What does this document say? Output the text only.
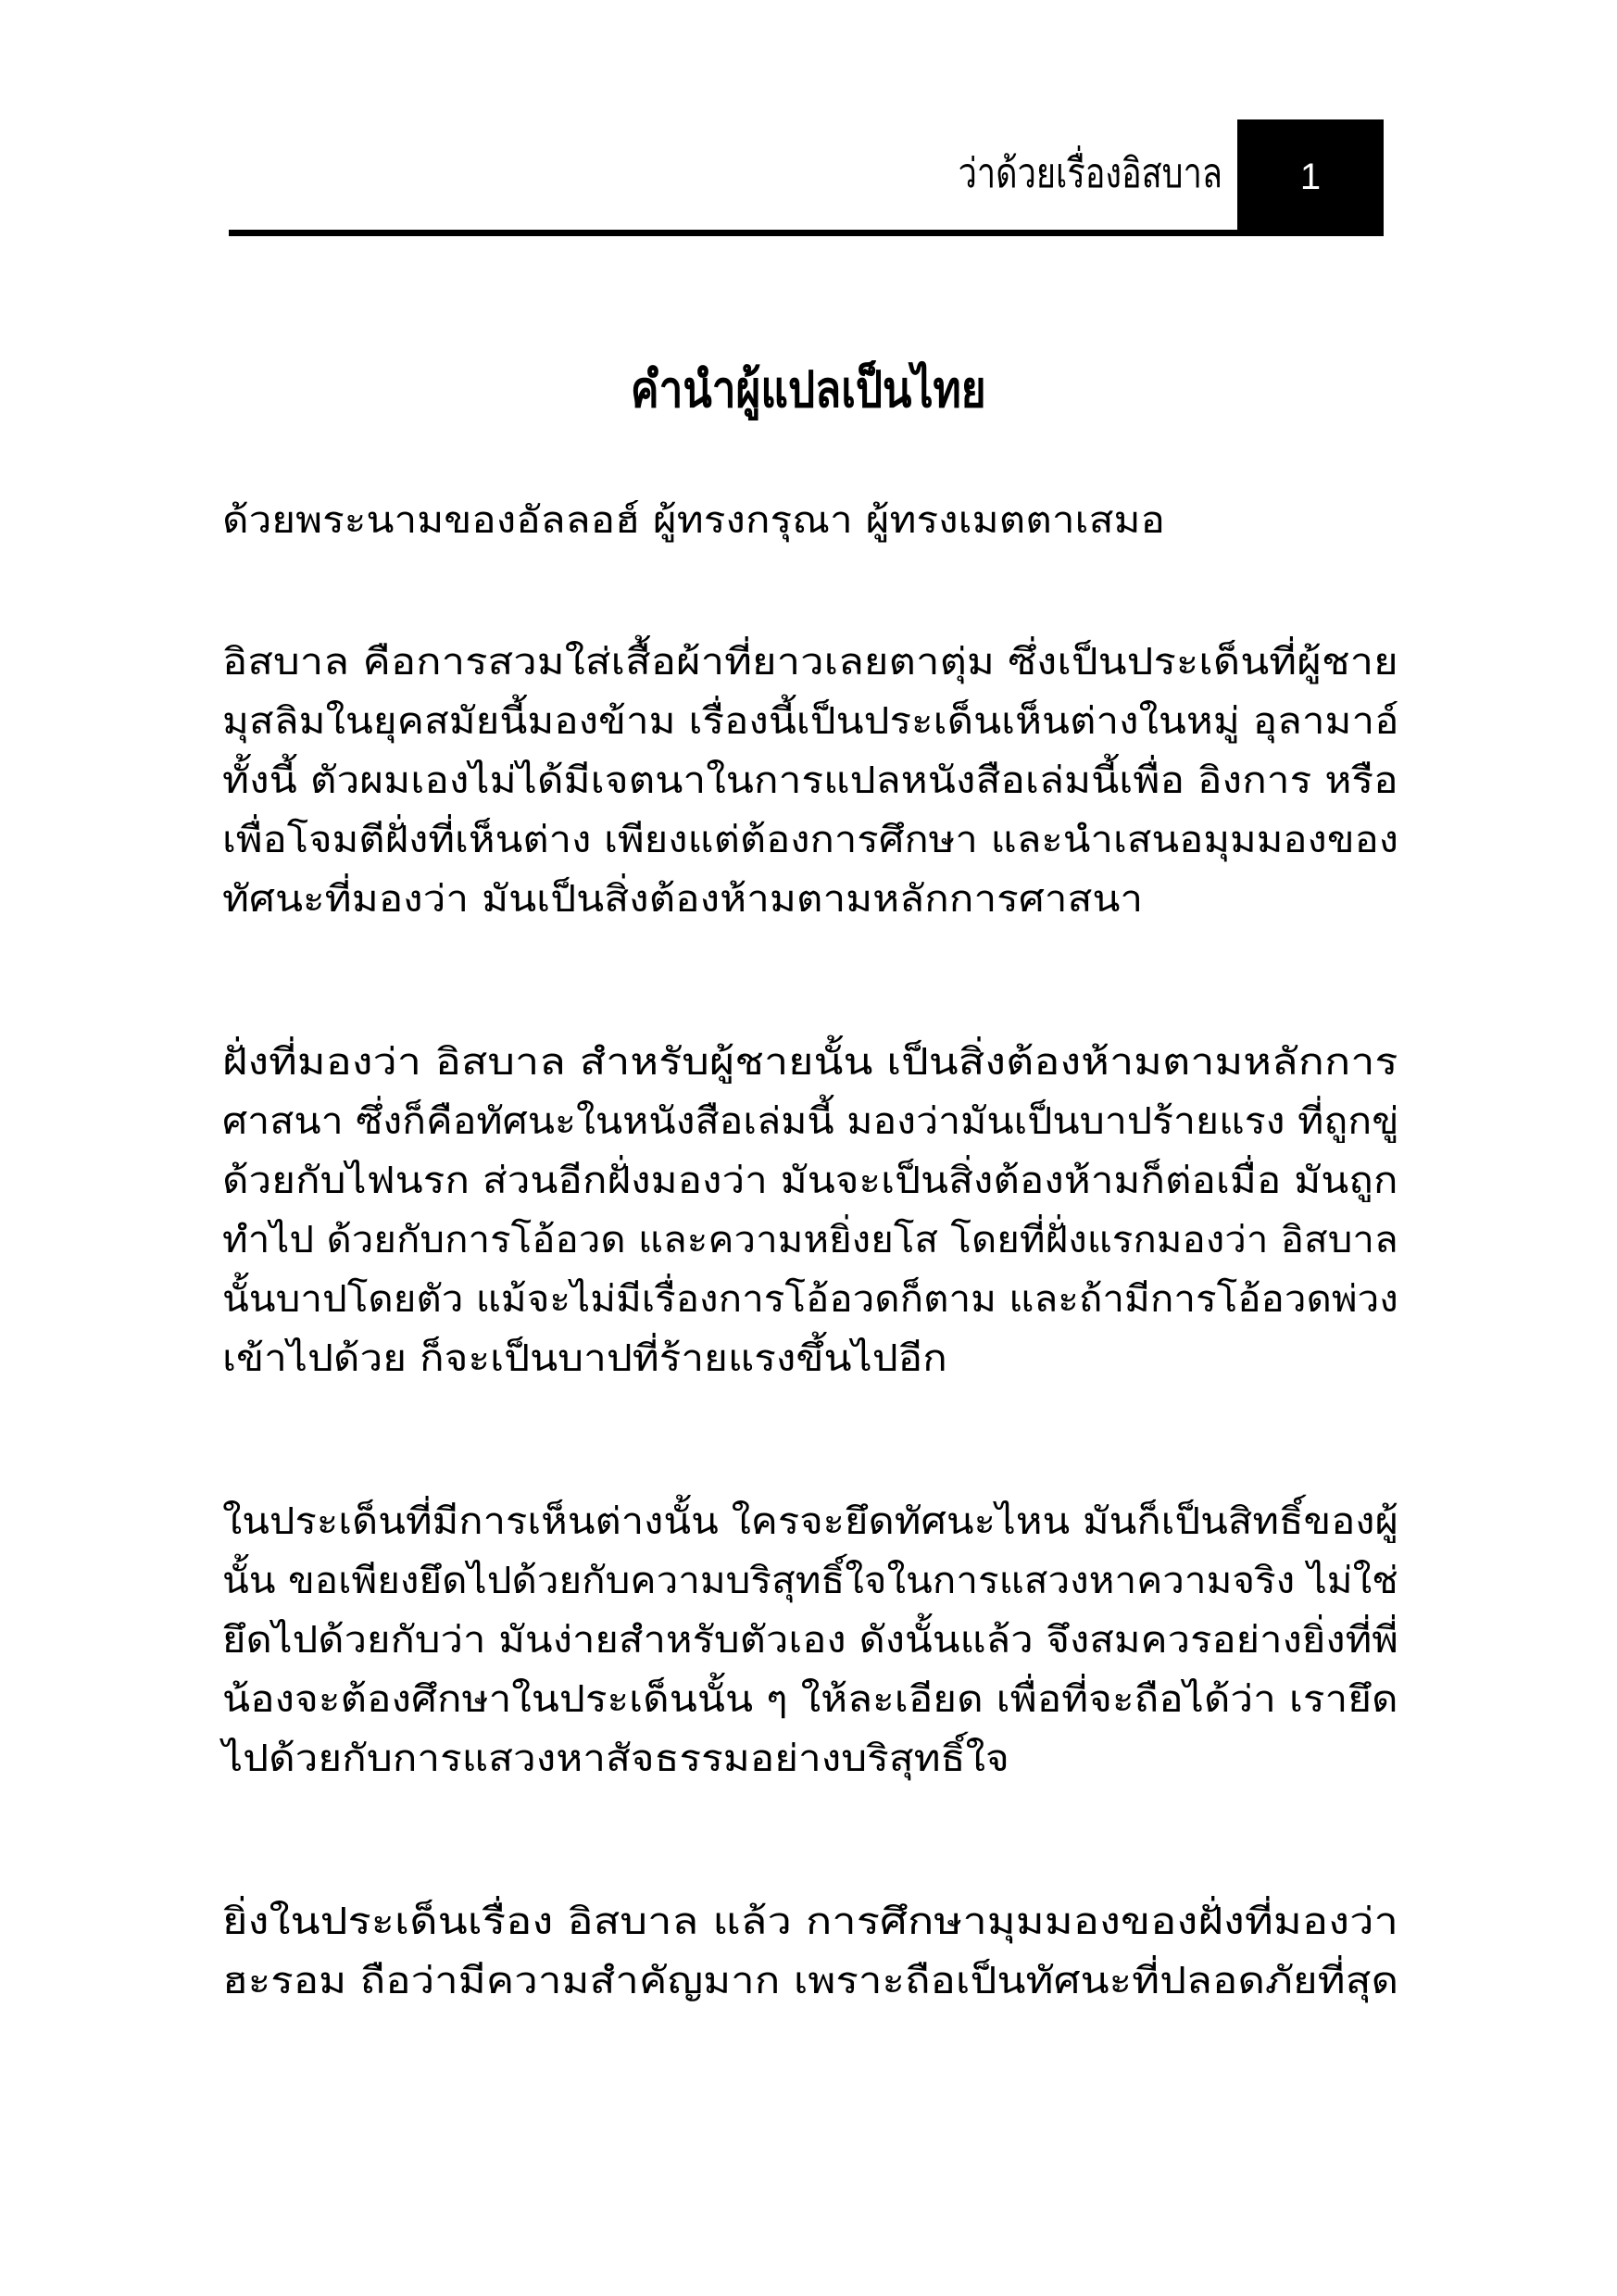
ว่าด้วยเรื่องอิสบาล 1
คำนำผู้แปลเป็นไทย
ด้วยพระนามของอัลลอฮ์ ผู้ทรงกรุณา ผู้ทรงเมตตาเสมอ
อิสบาล คือการสวมใส่เสื้อผ้าที่ยาวเลยตาตุ่ม ซึ่งเป็นประเด็นที่ผู้ชาย
มุสลิมในยุคสมัยนี้มองข้าม เรื่องนี้เป็นประเด็นเห็นต่างในหมู่ อุลามาอ์
ทั้งนี้ ตัวผมเองไม่ได้มีเจตนาในการแปลหนังสือเล่มนี้เพื่อ อิงการ หรือ
เพื่อโจมตีฝั่งที่เห็นต่าง เพียงแต่ต้องการศึกษา และนำเสนอมุมมองของ
ทัศนะที่มองว่า มันเป็นสิ่งต้องห้ามตามหลักการศาสนา
ฝั่งที่มองว่า อิสบาล สำหรับผู้ชายนั้น เป็นสิ่งต้องห้ามตามหลักการ
ศาสนา ซึ่งก็คือทัศนะในหนังสือเล่มนี้ มองว่ามันเป็นบาปร้ายแรง ที่ถูกขู่
ด้วยกับไฟนรก ส่วนอีกฝั่งมองว่า มันจะเป็นสิ่งต้องห้ามก็ต่อเมื่อ มันถูก
ทำไป ด้วยกับการโอ้อวด และความหยิ่งยโส โดยที่ฝั่งแรกมองว่า อิสบาล
นั้นบาปโดยตัว แม้จะไม่มีเรื่องการโอ้อวดก็ตาม และถ้ามีการโอ้อวดพ่วง
เข้าไปด้วย ก็จะเป็นบาปที่ร้ายแรงขึ้นไปอีก
ในประเด็นที่มีการเห็นต่างนั้น ใครจะยึดทัศนะไหน มันก็เป็นสิทธิ์ของผู้
นั้น ขอเพียงยึดไปด้วยกับความบริสุทธิ์ใจในการแสวงหาความจริง ไม่ใช่
ยึดไปด้วยกับว่า มันง่ายสำหรับตัวเอง ดังนั้นแล้ว จึงสมควรอย่างยิ่งที่พี่
น้องจะต้องศึกษาในประเด็นนั้น ๆ ให้ละเอียด เพื่อที่จะถือได้ว่า เรายึด
ไปด้วยกับการแสวงหาสัจธรรมอย่างบริสุทธิ์ใจ
ยิ่งในประเด็นเรื่อง อิสบาล แล้ว การศึกษามุมมองของฝั่งที่มองว่า
ฮะรอม ถือว่ามีความสำคัญมาก เพราะถือเป็นทัศนะที่ปลอดภัยที่สุด
